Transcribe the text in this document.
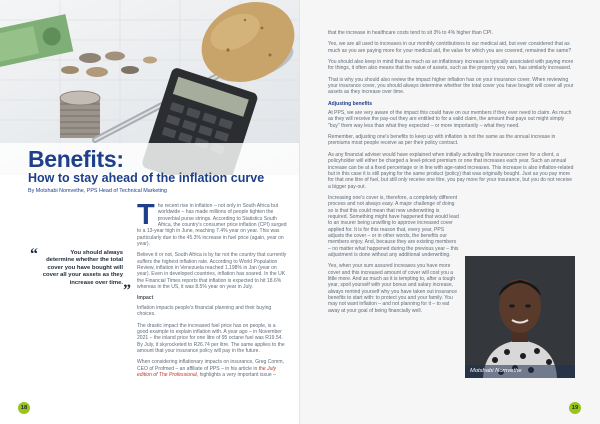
Benefits:
How to stay ahead of the inflation curve
By Motshabi Nomvethe, PPS Head of Technical Marketing
“	You should always determine whether the total cover you have bought will cover all your assets as they increase over time. ”

The recent rise in inflation – not only in South Africa but worldwide – has made millions of people tighten the proverbial purse strings. According to Statistics South Africa, the country's consumer price inflation (CPI) surged to a 13-year high in June, reaching 7.4% year on year. This was particularly due to the 45.3% increase in fuel price (again, year on year).

Believe it or not, South Africa is by far not the country that currently suffers the highest inflation rate. According to World Population Review, inflation in Venezuela reached 1,198% in Jan (year on year). Even in developed countries, inflation has soared. In the UK the Financial Times reports that inflation is expected to hit 18.6% whereas in the US, it was 8.5% year on year in July.

Impact

Inflation impacts people's financial planning and their buying choices.

The drastic impact the increased fuel price has on people, is a good example to explain inflation with. A year ago – in November 2021 – the inland price for one litre of 95 octane fuel was R19.54. By July, it skyrocketed to R26.74 per litre. The same applies to the amount that your insurance policy will pay in the future.

When considering inflationary impacts on insurance, Greg Comm, CEO of Profmed – an affiliate of PPS – in his article in the July edition of The Professional, highlights a very important issue –

18

that the increase in healthcare costs tend to sit 3% to 4% higher than CPI.

Yes, we are all used to increases in our monthly contributions to our medical aid, but ever considered that as much as you are paying more for your medical aid, the value for which you are covered, remained the same?

You should also keep in mind that as much as an inflationary increase is typically associated with paying more for things, it often also means that the value of assets, such as the property you own, has similarly increased.

That is why you should also review the impact higher inflation has on your insurance cover. When reviewing your insurance cover, you should always determine whether the total cover you have bought will cover all your assets as they increase over time.

Adjusting benefits

At PPS, we are very aware of the impact this could have on our members if they ever need to claim. As much as they will receive the pay-out they are entitled to for a valid claim, the amount that pays out might simply "buy" them way less than what they expected – or more importantly – what they need.

Remember, adjusting one's benefits to keep up with inflation is not the same as the annual increase in premiums most people receive as per their policy contract.

As any financial adviser would have explained when initially activating life insurance cover for a client, a policyholder will either be charged a level-priced premium or one that increases each year. Such an annual increase can be at a fixed percentage or in line with age-rated increases. This increase is also inflation-related but in this case it is still paying for the same product (policy) that was originally bought. Just as you pay more for that one litre of fuel, but still only receive one litre, you pay more for your insurance, but you do not receive a bigger pay-out.

Increasing one's cover is, therefore, a completely different process and not always easy. A major challenge of doing so is that this could mean that new underwriting is required. Something might have happened that would lead to an insurer being unwilling to approve increased cover applied for. It is for this reason that, every year, PPS adjusts the cover – or in other words, the benefits our members enjoy. And, because they are existing members – no matter what happened during the previous year – this adjustment is done without any additional underwriting.

Yes, when your sum assured increases you have more cover and this increased amount of cover will cost you a little more. And as much as it is tempting to, after a tough year, spoil yourself with your bonus and salary increase, always remind yourself why you have taken out insurance benefits to start with: to protect you and your family. You may not want inflation – and not planning for it – to eat away at your goal of being financially well.

Motshabi Nomvethe
19
